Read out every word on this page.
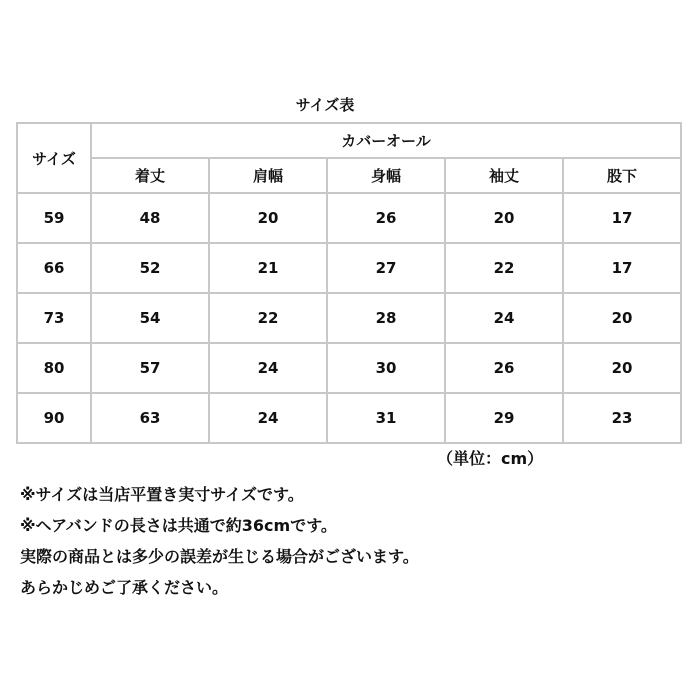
サイズ表
サイズ	カバーオール				
	着丈	肩幅	身幅	袖丈	股下
59	48	20	26	20	17
66	52	21	27	22	17
73	54	22	28	24	20
80	57	24	30	26	20
90	63	24	31	29	23
（単位：cm）
※サイズは当店平置き実寸サイズです。
※ヘアバンドの長さは共通で約36cmです。
実際の商品とは多少の誤差が生じる場合がございます。
あらかじめご了承ください。
